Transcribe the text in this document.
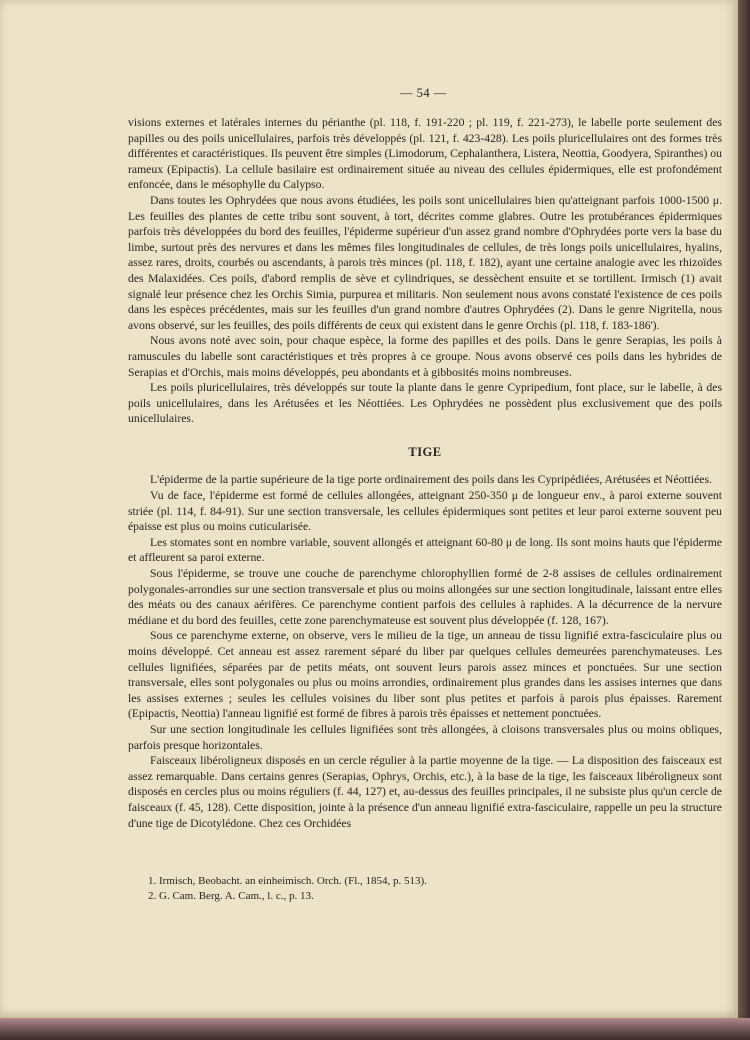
— 54 —

visions externes et latérales internes du périanthe (pl. 118, f. 191-220 ; pl. 119, f. 221-273), le labelle porte seulement des papilles ou des poils unicellulaires, parfois très développés (pl. 121, f. 423-428). Les poils pluricellulaires ont des formes très différentes et caractéristiques. Ils peuvent être simples (Limodorum, Cephalanthera, Listera, Neottia, Goodyera, Spiranthes) ou rameux (Epipactis). La cellule basilaire est ordinairement située au niveau des cellules épidermiques, elle est profondément enfoncée, dans le mésophylle du Calypso.

Dans toutes les Ophrydées que nous avons étudiées, les poils sont unicellulaires bien qu'atteignant parfois 1000-1500 μ. Les feuilles des plantes de cette tribu sont souvent, à tort, décrites comme glabres. Outre les protubérances épidermiques parfois très développées du bord des feuilles, l'épiderme supérieur d'un assez grand nombre d'Ophrydées porte vers la base du limbe, surtout près des nervures et dans les mêmes files longitudinales de cellules, de très longs poils unicellulaires, hyalins, assez rares, droits, courbés ou ascendants, à parois très minces (pl. 118, f. 182), ayant une certaine analogie avec les rhizoïdes des Malaxidées. Ces poils, d'abord remplis de sève et cylindriques, se dessèchent ensuite et se tortillent. Irmisch (1) avait signalé leur présence chez les Orchis Simia, purpurea et militaris. Non seulement nous avons constaté l'existence de ces poils dans les espèces précédentes, mais sur les feuilles d'un grand nombre d'autres Ophrydées (2). Dans le genre Nigritella, nous avons observé, sur les feuilles, des poils différents de ceux qui existent dans le genre Orchis (pl. 118, f. 183-186').

Nous avons noté avec soin, pour chaque espèce, la forme des papilles et des poils. Dans le genre Serapias, les poils à ramuscules du labelle sont caractéristiques et très propres à ce groupe. Nous avons observé ces poils dans les hybrides de Serapias et d'Orchis, mais moins développés, peu abondants et à gibbosités moins nombreuses.

Les poils pluricellulaires, très développés sur toute la plante dans le genre Cypripedium, font place, sur le labelle, à des poils unicellulaires, dans les Arétusées et les Néottiées. Les Ophrydées ne possèdent plus exclusivement que des poils unicellulaires.

TIGE

L'épiderme de la partie supérieure de la tige porte ordinairement des poils dans les Cypripédiées, Arétusées et Néottiées.

Vu de face, l'épiderme est formé de cellules allongées, atteignant 250-350 μ de longueur env., à paroi externe souvent striée (pl. 114, f. 84-91). Sur une section transversale, les cellules épidermiques sont petites et leur paroi externe souvent peu épaisse est plus ou moins cuticularisée.

Les stomates sont en nombre variable, souvent allongés et atteignant 60-80 μ de long. Ils sont moins hauts que l'épiderme et affleurent sa paroi externe.

Sous l'épiderme, se trouve une couche de parenchyme chlorophyllien formé de 2-8 assises de cellules ordinairement polygonales-arrondies sur une section transversale et plus ou moins allongées sur une section longitudinale, laissant entre elles des méats ou des canaux aérifères. Ce parenchyme contient parfois des cellules à raphides. A la décurrence de la nervure médiane et du bord des feuilles, cette zone parenchymateuse est souvent plus développée (f. 128, 167).

Sous ce parenchyme externe, on observe, vers le milieu de la tige, un anneau de tissu lignifié extra-fasciculaire plus ou moins développé. Cet anneau est assez rarement séparé du liber par quelques cellules demeurées parenchymateuses. Les cellules lignifiées, séparées par de petits méats, ont souvent leurs parois assez minces et ponctuées. Sur une section transversale, elles sont polygonales ou plus ou moins arrondies, ordinairement plus grandes dans les assises internes que dans les assises externes ; seules les cellules voisines du liber sont plus petites et parfois à parois plus épaisses. Rarement (Epipactis, Neottia) l'anneau lignifié est formé de fibres à parois très épaisses et nettement ponctuées.

Sur une section longitudinale les cellules lignifiées sont très allongées, à cloisons transversales plus ou moins obliques, parfois presque horizontales.

Faisceaux libéroligneux disposés en un cercle régulier à la partie moyenne de la tige. — La disposition des faisceaux est assez remarquable. Dans certains genres (Serapias, Ophrys, Orchis, etc.), à la base de la tige, les faisceaux libéroligneux sont disposés en cercles plus ou moins réguliers (f. 44, 127) et, au-dessus des feuilles principales, il ne subsiste plus qu'un cercle de faisceaux (f. 45, 128). Cette disposition, jointe à la présence d'un anneau lignifié extra-fasciculaire, rappelle un peu la structure d'une tige de Dicotylédone. Chez ces Orchidées

1. Irmisch, Beobacht. an einheimisch. Orch. (Fl., 1854, p. 513).
2. G. Cam. Berg. A. Cam., l. c., p. 13.
